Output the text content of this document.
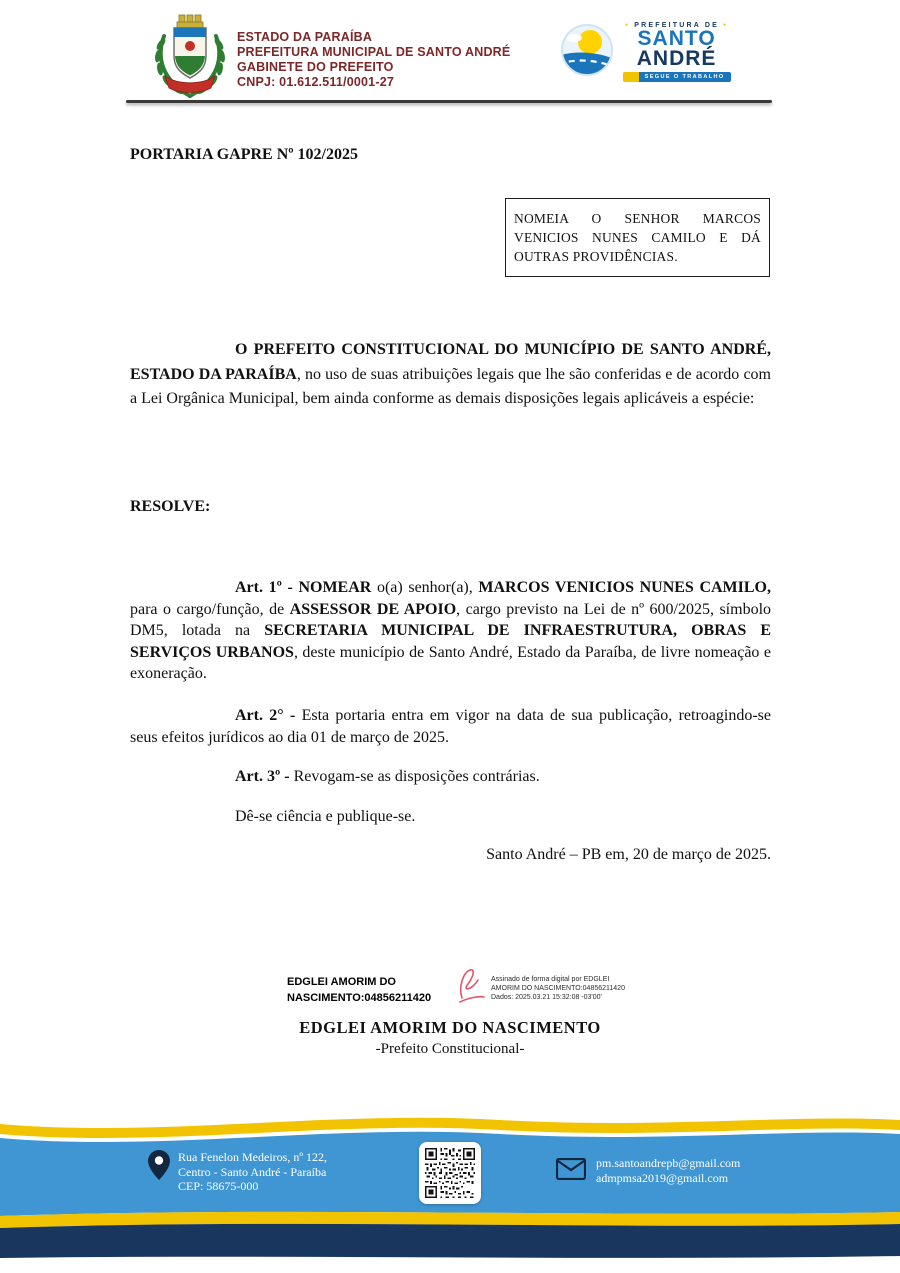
ESTADO DA PARAÍBA
PREFEITURA MUNICIPAL DE SANTO ANDRÉ
GABINETE DO PREFEITO
CNPJ: 01.612.511/0001-27
● PREFEITURA DE ●
SANTO
ANDRÉ
SEGUE O TRABALHO
PORTARIA GAPRE Nº 102/2025
NOMEIA O SENHOR MARCOS
VENICIOS NUNES CAMILO E DÁ
OUTRAS PROVIDÊNCIAS.

O PREFEITO CONSTITUCIONAL DO MUNICÍPIO DE SANTO ANDRÉ, ESTADO DA PARAÍBA, no uso de suas atribuições legais que lhe são conferidas e de acordo com a Lei Orgânica Municipal, bem ainda conforme as demais disposições legais aplicáveis a espécie:

RESOLVE:

Art. 1º - NOMEAR o(a) senhor(a), MARCOS VENICIOS NUNES CAMILO, para o cargo/função, de ASSESSOR DE APOIO, cargo previsto na Lei de nº 600/2025, símbolo DM5, lotada na SECRETARIA MUNICIPAL DE INFRAESTRUTURA, OBRAS E SERVIÇOS URBANOS, deste município de Santo André, Estado da Paraíba, de livre nomeação e exoneração.

Art. 2° - Esta portaria entra em vigor na data de sua publicação, retroagindo-se seus efeitos jurídicos ao dia 01 de março de 2025.

Art. 3º - Revogam-se as disposições contrárias.

Dê-se ciência e publique-se.

Santo André – PB em, 20 de março de 2025.

EDGLEI AMORIM DO
NASCIMENTO:04856211420
Assinado de forma digital por EDGLEI
AMORIM DO NASCIMENTO:04856211420
Dados: 2025.03.21 15:32:08 -03'00'
EDGLEI AMORIM DO NASCIMENTO
-Prefeito Constitucional-
Rua Fenelon Medeiros, nº 122,
Centro - Santo André - Paraíba
CEP: 58675-000
pm.santoandrepb@gmail.com
admpmsa2019@gmail.com
